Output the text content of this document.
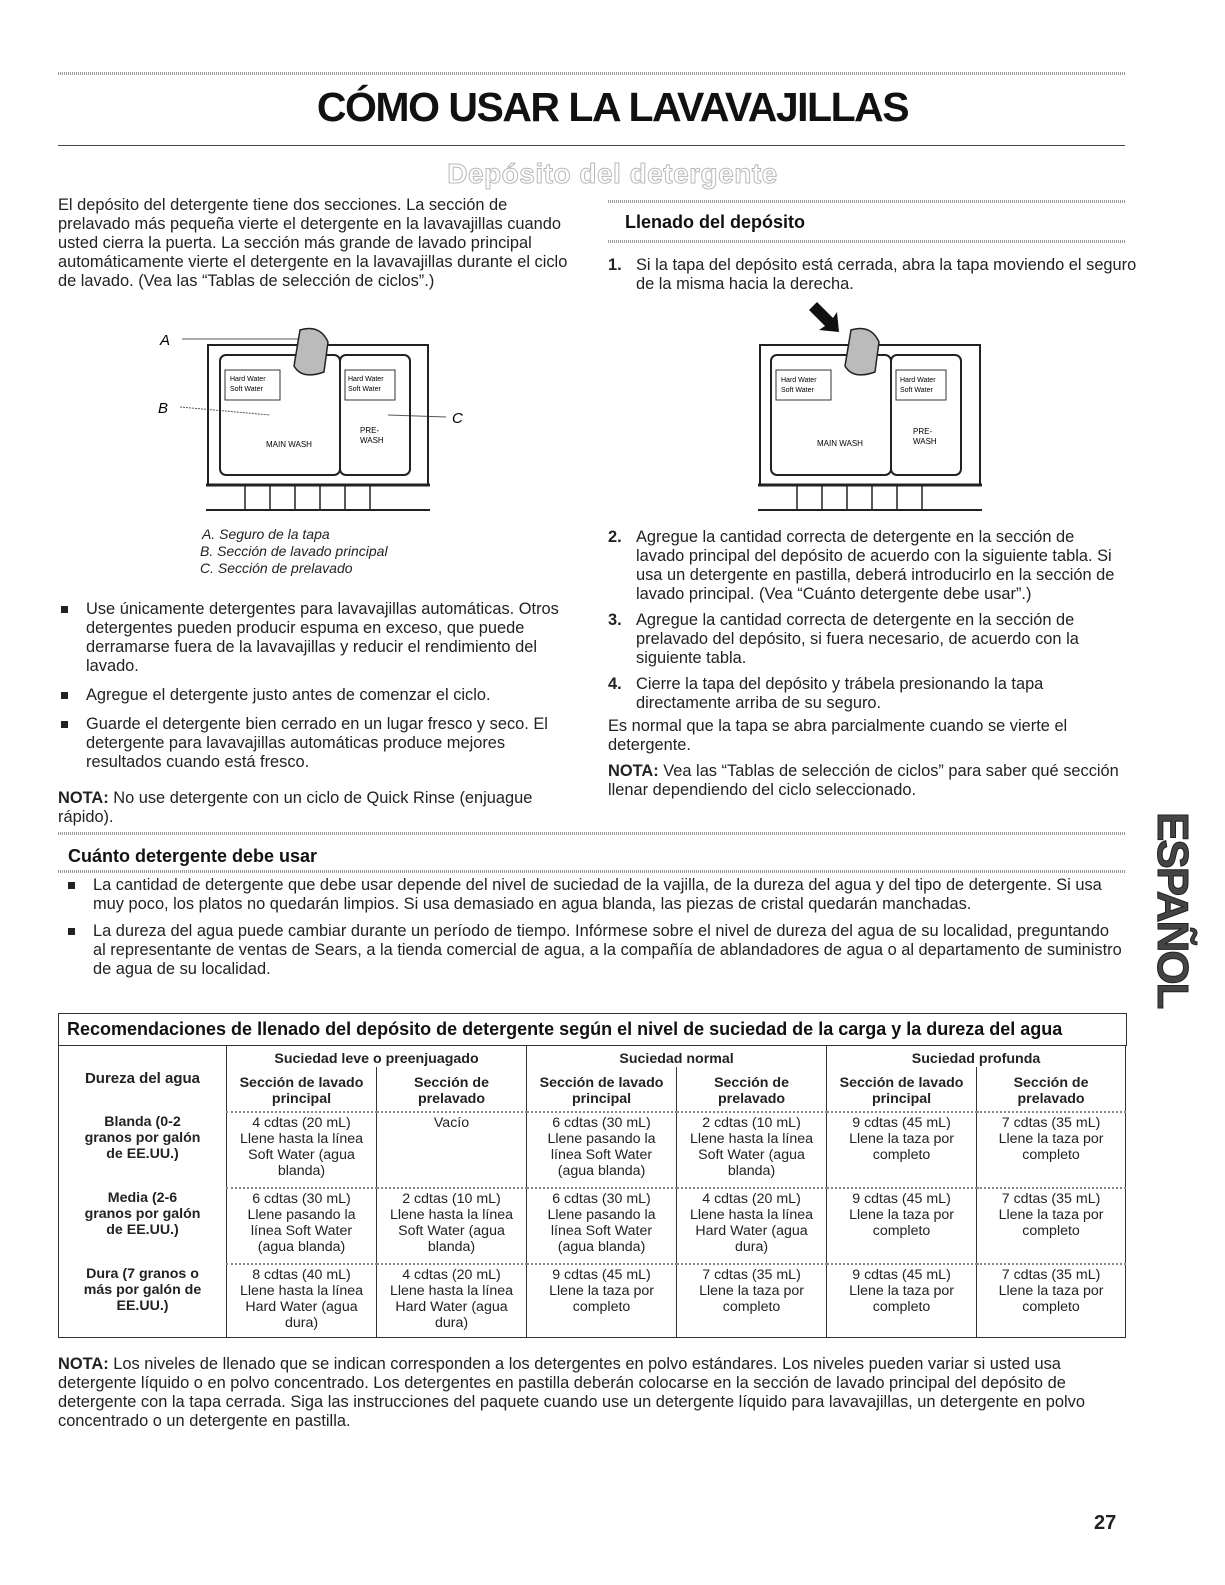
CÓMO USAR LA LAVAVAJILLAS
Depósito del detergente

El depósito del detergente tiene dos secciones. La sección de prelavado más pequeña vierte el detergente en la lavavajillas cuando usted cierra la puerta. La sección más grande de lavado principal automáticamente vierte el detergente en la lavavajillas durante el ciclo de lavado. (Vea las “Tablas de selección de ciclos”.)

A
B
C
Hard Water
Soft Water
Hard Water
Soft Water
MAIN WASH
PRE-
WASH
A. Seguro de la tapa
B. Sección de lavado principal
C. Sección de prelavado

Use únicamente detergentes para lavavajillas automáticas. Otros detergentes pueden producir espuma en exceso, que puede derramarse fuera de la lavavajillas y reducir el rendimiento del lavado.

Agregue el detergente justo antes de comenzar el ciclo.

Guarde el detergente bien cerrado en un lugar fresco y seco. El detergente para lavavajillas automáticas produce mejores resultados cuando está fresco.

NOTA: No use detergente con un ciclo de Quick Rinse (enjuague rápido).

Llenado del depósito

1. Si la tapa del depósito está cerrada, abra la tapa moviendo el seguro de la misma hacia la derecha.

Hard Water
Soft Water
Hard Water
Soft Water
MAIN WASH
PRE-
WASH

2. Agregue la cantidad correcta de detergente en la sección de lavado principal del depósito de acuerdo con la siguiente tabla. Si usa un detergente en pastilla, deberá introducirlo en la sección de lavado principal. (Vea “Cuánto detergente debe usar”.)

3. Agregue la cantidad correcta de detergente en la sección de prelavado del depósito, si fuera necesario, de acuerdo con la siguiente tabla.

4. Cierre la tapa del depósito y trábela presionando la tapa directamente arriba de su seguro.

Es normal que la tapa se abra parcialmente cuando se vierte el detergente.

NOTA: Vea las “Tablas de selección de ciclos” para saber qué sección llenar dependiendo del ciclo seleccionado.

Cuánto detergente debe usar

La cantidad de detergente que debe usar depende del nivel de suciedad de la vajilla, de la dureza del agua y del tipo de detergente. Si usa muy poco, los platos no quedarán limpios. Si usa demasiado en agua blanda, las piezas de cristal quedarán manchadas.

La dureza del agua puede cambiar durante un período de tiempo. Infórmese sobre el nivel de dureza del agua de su localidad, preguntando al representante de ventas de Sears, a la tienda comercial de agua, a la compañía de ablandadores de agua o al departamento de suministro de agua de su localidad.

Recomendaciones de llenado del depósito de detergente según el nivel de suciedad de la carga y la dureza del agua
Dureza del agua	Suciedad leve o preenjuagado		Suciedad normal		Suciedad profunda	
	Sección de lavado principal	Sección de prelavado	Sección de lavado principal	Sección de prelavado	Sección de lavado principal	Sección de prelavado
Blanda (0-2 granos por galón de EE.UU.)	4 cdtas (20 mL) Llene hasta la línea Soft Water (agua blanda)	Vacío	6 cdtas (30 mL) Llene pasando la línea Soft Water (agua blanda)	2 cdtas (10 mL) Llene hasta la línea Soft Water (agua blanda)	9 cdtas (45 mL) Llene la taza por completo	7 cdtas (35 mL) Llene la taza por completo
Media (2-6 granos por galón de EE.UU.)	6 cdtas (30 mL) Llene pasando la línea Soft Water (agua blanda)	2 cdtas (10 mL) Llene hasta la línea Soft Water (agua blanda)	6 cdtas (30 mL) Llene pasando la línea Soft Water (agua blanda)	4 cdtas (20 mL) Llene hasta la línea Hard Water (agua dura)	9 cdtas (45 mL) Llene la taza por completo	7 cdtas (35 mL) Llene la taza por completo
Dura (7 granos o más por galón de EE.UU.)	8 cdtas (40 mL) Llene hasta la línea Hard Water (agua dura)	4 cdtas (20 mL) Llene hasta la línea Hard Water (agua dura)	9 cdtas (45 mL) Llene la taza por completo	7 cdtas (35 mL) Llene la taza por completo	9 cdtas (45 mL) Llene la taza por completo	7 cdtas (35 mL) Llene la taza por completo

NOTA: Los niveles de llenado que se indican corresponden a los detergentes en polvo estándares. Los niveles pueden variar si usted usa detergente líquido o en polvo concentrado. Los detergentes en pastilla deberán colocarse en la sección de lavado principal del depósito de detergente con la tapa cerrada. Siga las instrucciones del paquete cuando use un detergente líquido para lavavajillas, un detergente en polvo concentrado o un detergente en pastilla.

ESPAÑOL
27
